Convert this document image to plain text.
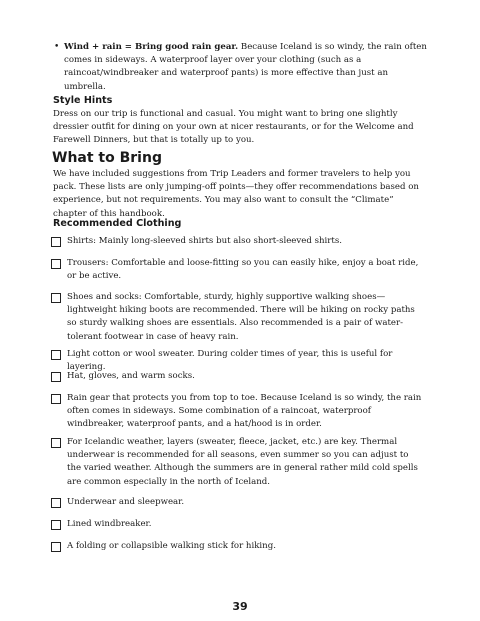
• Wind + rain = Bring good rain gear. Because Iceland is so windy, the rain often comes in sideways. A waterproof layer over your clothing (such as a raincoat/windbreaker and waterproof pants) is more effective than just an umbrella.
Style Hints
Dress on our trip is functional and casual. You might want to bring one slightly dressier outfit for dining on your own at nicer restaurants, or for the Welcome and Farewell Dinners, but that is totally up to you.
What to Bring
We have included suggestions from Trip Leaders and former travelers to help you pack. These lists are only jumping-off points—they offer recommendations based on experience, but not requirements. You may also want to consult the “Climate” chapter of this handbook.
Recommended Clothing
Shirts: Mainly long-sleeved shirts but also short-sleeved shirts.
Trousers: Comfortable and loose-fitting so you can easily hike, enjoy a boat ride, or be active.
Shoes and socks: Comfortable, sturdy, highly supportive walking shoes—lightweight hiking boots are recommended. There will be hiking on rocky paths so sturdy walking shoes are essentials. Also recommended is a pair of water-tolerant footwear in case of heavy rain.
Light cotton or wool sweater. During colder times of year, this is useful for layering.
Hat, gloves, and warm socks.
Rain gear that protects you from top to toe. Because Iceland is so windy, the rain often comes in sideways. Some combination of a raincoat, waterproof windbreaker, waterproof pants, and a hat/hood is in order.
For Icelandic weather, layers (sweater, fleece, jacket, etc.) are key. Thermal underwear is recommended for all seasons, even summer so you can adjust to the varied weather. Although the summers are in general rather mild cold spells are common especially in the north of Iceland.
Underwear and sleepwear.
Lined windbreaker.
A folding or collapsible walking stick for hiking.
39
